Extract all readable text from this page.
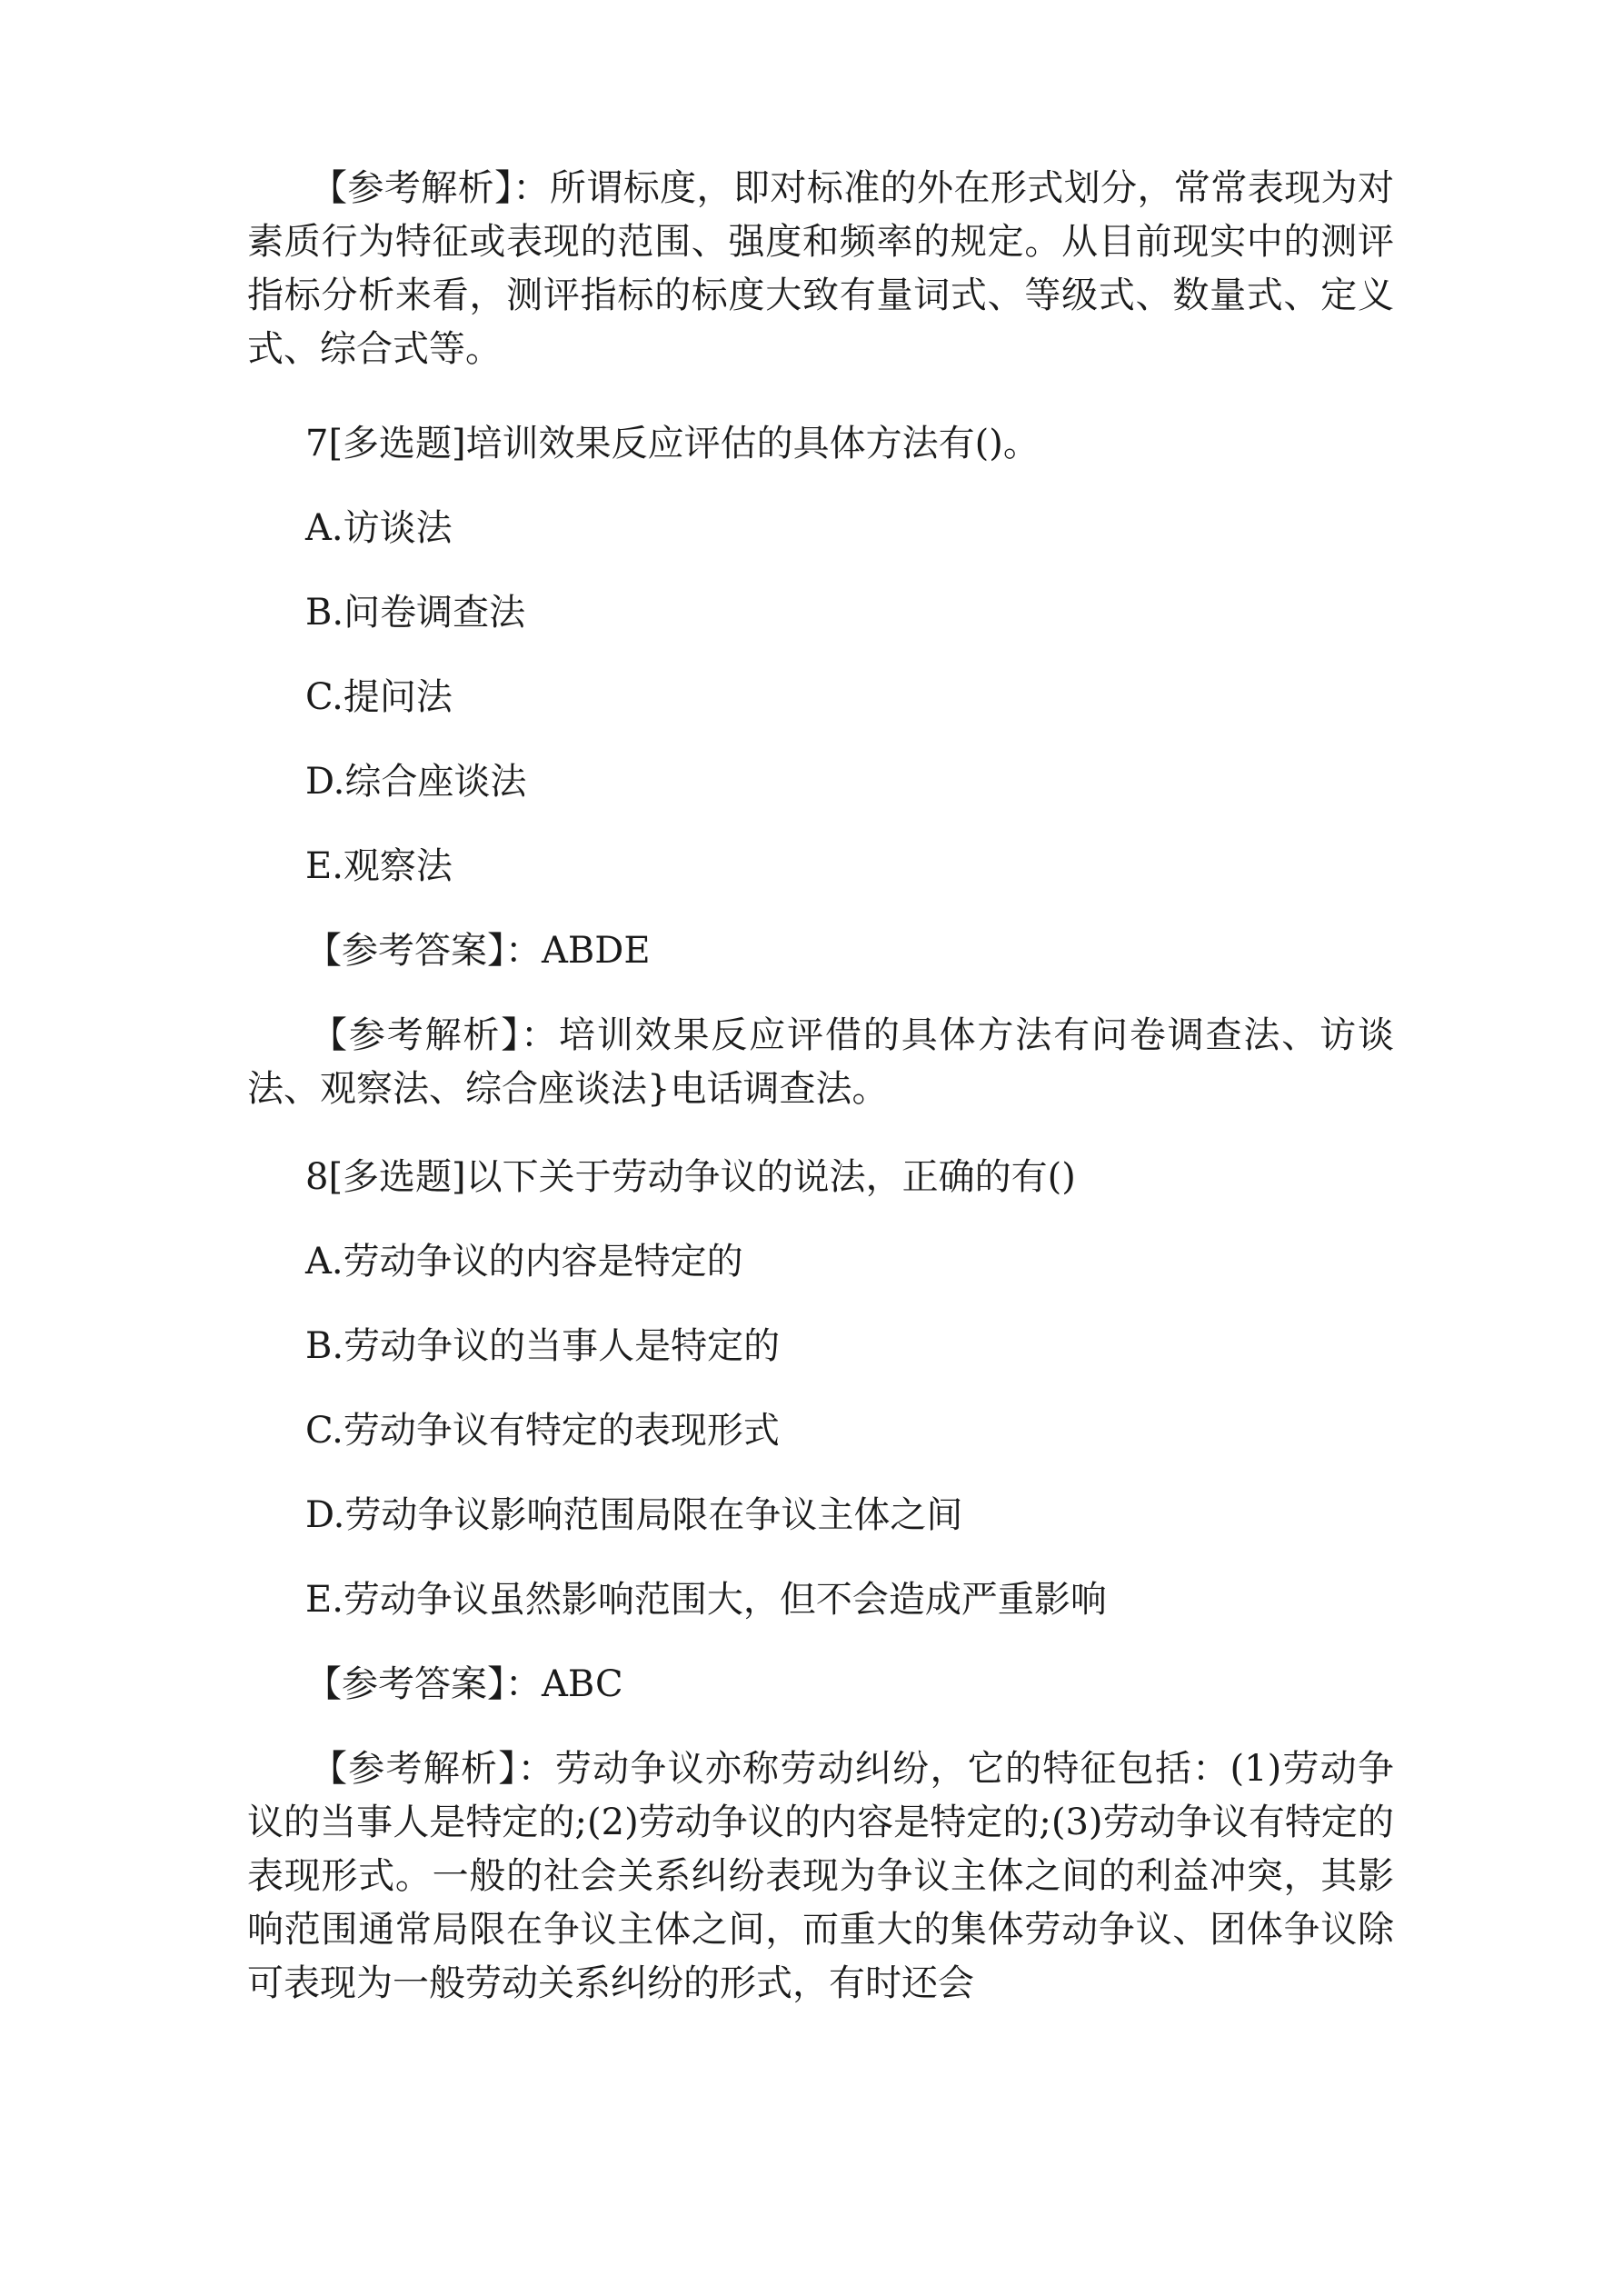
【参考解析】：所谓标度，即对标准的外在形式划分，常常表现为对素质行为特征或表现的范围、强度和频率的规定。从目前现实中的测评指标分析来看，测评指标的标度大致有量词式、等级式、数量式、定义式、综合式等。

7[多选题]培训效果反应评估的具体方法有()。

A.访谈法

B.问卷调查法

C.提问法

D.综合座谈法

E.观察法

【参考答案】：ABDE

【参考解析】：培训效果反应评借的具体方法有问卷调查法、访谈法、观察法、综合座谈法}电话调查法。

8[多选题]以下关于劳动争议的说法，正确的有()

A.劳动争议的内容是特定的

B.劳动争议的当事人是特定的

C.劳动争议有特定的表现形式

D.劳动争议影响范围局限在争议主体之间

E.劳动争议虽然影响范围大，但不会造成严重影响

【参考答案】：ABC

【参考解析】：劳动争议亦称劳动纠纷，它的特征包括：(1)劳动争议的当事人是特定的;(2)劳动争议的内容是特定的;(3)劳动争议有特定的表现形式。一般的社会关系纠纷表现为争议主体之间的利益冲突，其影响范围通常局限在争议主体之间，而重大的集体劳动争议、团体争议除可表现为一般劳动关系纠纷的形式，有时还会
